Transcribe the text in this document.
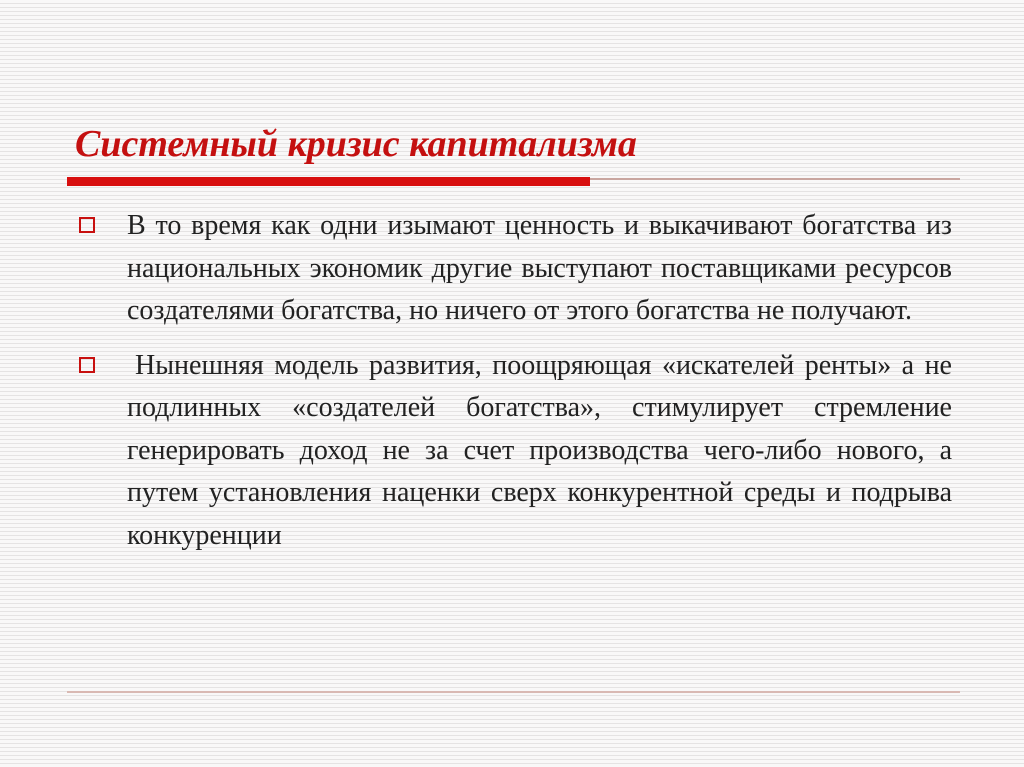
Системный кризис капитализма
В то время как одни изымают ценность и выкачивают богатства из национальных экономик другие выступают поставщиками ресурсов создателями богатства, но ничего от этого богатства не получают.
Нынешняя модель развития, поощряющая «искателей ренты» а не подлинных «создателей богатства», стимулирует стремление генерировать доход не за счет производства чего-либо нового, а путем установления наценки сверх конкурентной среды и подрыва конкуренции
